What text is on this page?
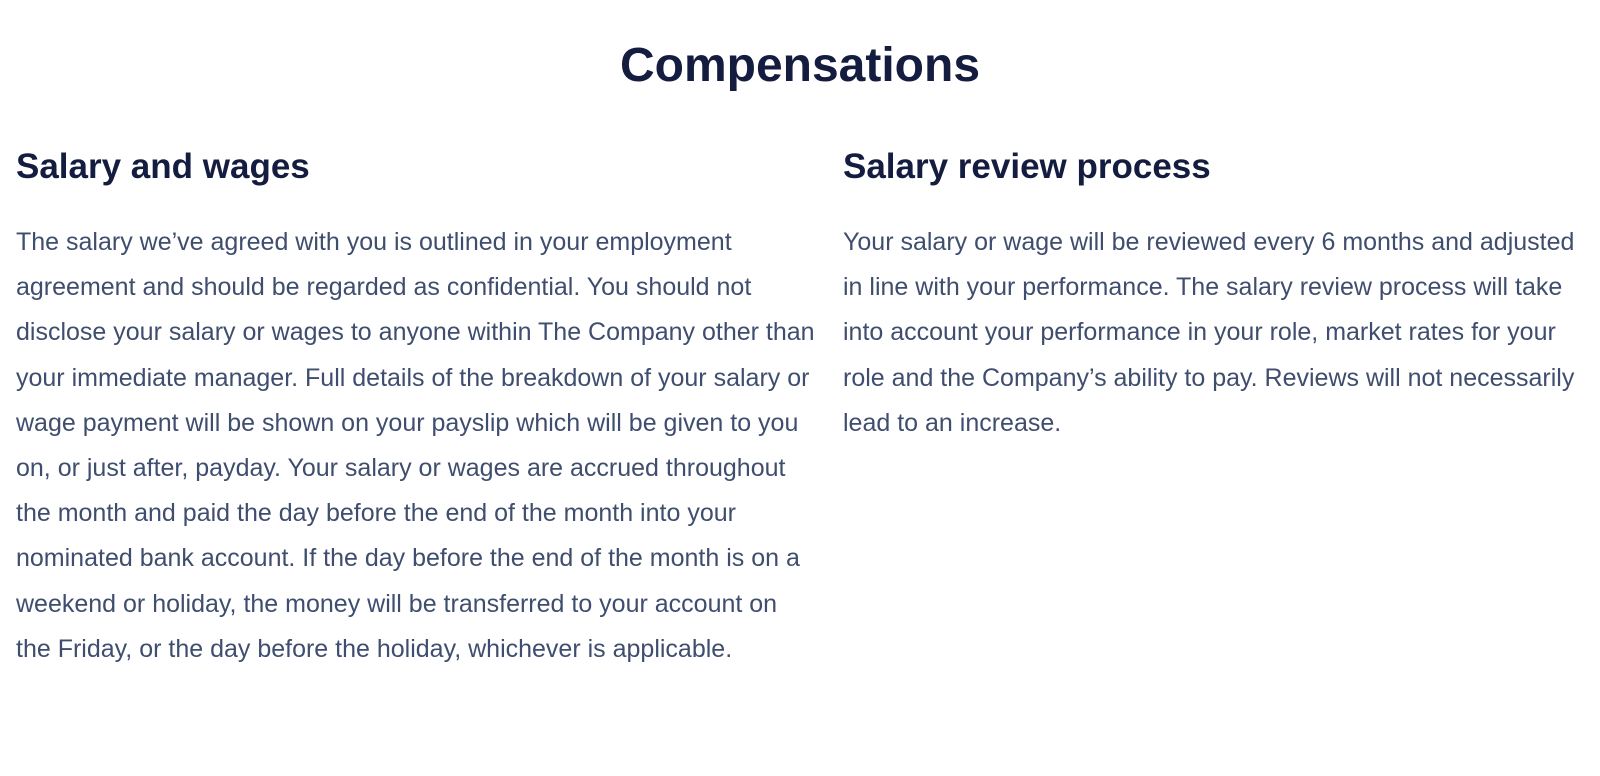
Compensations
Salary and wages

The salary we’ve agreed with you is outlined in your employment agreement and should be regarded as confidential. You should not disclose your salary or wages to anyone within The Company other than your immediate manager. Full details of the breakdown of your salary or wage payment will be shown on your payslip which will be given to you on, or just after, payday. Your salary or wages are accrued throughout the month and paid the day before the end of the month into your nominated bank account. If the day before the end of the month is on a weekend or holiday, the money will be transferred to your account on the Friday, or the day before the holiday, whichever is applicable.

Salary review process

Your salary or wage will be reviewed every 6 months and adjusted in line with your performance. The salary review process will take into account your performance in your role, market rates for your role and the Company’s ability to pay. Reviews will not necessarily lead to an increase.
